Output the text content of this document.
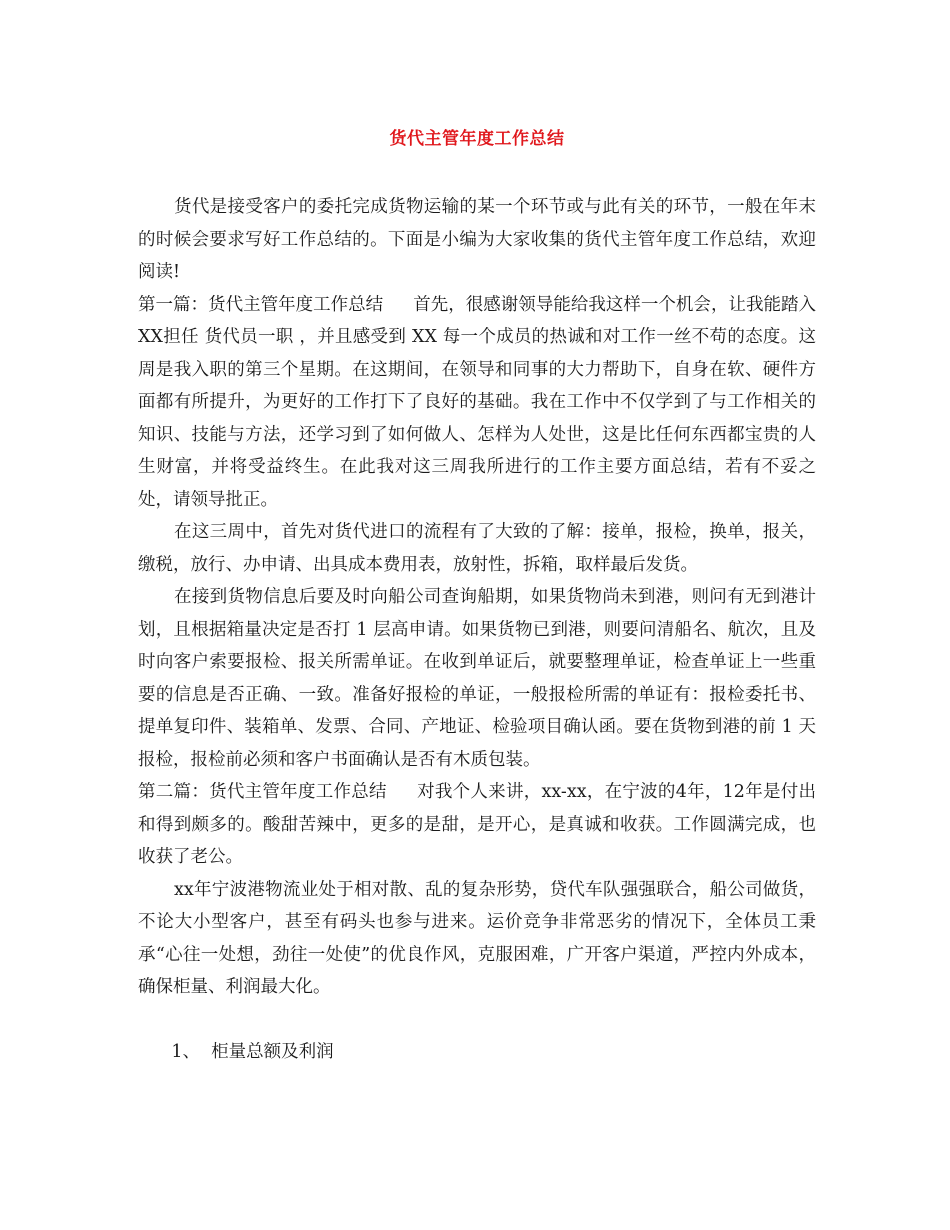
货代主管年度工作总结

货代是接受客户的委托完成货物运输的某一个环节或与此有关的环节，一般在年末的时候会要求写好工作总结的。下面是小编为大家收集的货代主管年度工作总结，欢迎阅读!

第一篇：货代主管年度工作总结 首先，很感谢领导能给我这样一个机会，让我能踏入 XX担任 货代员一职 ，并且感受到 XX 每一个成员的热诚和对工作一丝不苟的态度。这周是我入职的第三个星期。在这期间，在领导和同事的大力帮助下，自身在软、硬件方面都有所提升，为更好的工作打下了良好的基础。我在工作中不仅学到了与工作相关的知识、技能与方法，还学习到了如何做人、怎样为人处世，这是比任何东西都宝贵的人生财富，并将受益终生。在此我对这三周我所进行的工作主要方面总结，若有不妥之处，请领导批正。

在这三周中，首先对货代进口的流程有了大致的了解：接单，报检，换单，报关，缴税，放行、办申请、出具成本费用表，放射性，拆箱，取样最后发货。

在接到货物信息后要及时向船公司查询船期，如果货物尚未到港，则问有无到港计划，且根据箱量决定是否打 1 层高申请。如果货物已到港，则要问清船名、航次，且及时向客户索要报检、报关所需单证。在收到单证后，就要整理单证，检查单证上一些重要的信息是否正确、一致。准备好报检的单证，一般报检所需的单证有：报检委托书、提单复印件、装箱单、发票、合同、产地证、检验项目确认函。要在货物到港的前 1 天报检，报检前必须和客户书面确认是否有木质包装。

第二篇：货代主管年度工作总结 对我个人来讲，xx-xx，在宁波的4年，12年是付出和得到颇多的。酸甜苦辣中，更多的是甜，是开心，是真诚和收获。工作圆满完成，也收获了老公。

xx年宁波港物流业处于相对散、乱的复杂形势，贷代车队强强联合，船公司做货，不论大小型客户，甚至有码头也参与进来。运价竞争非常恶劣的情况下，全体员工秉承“心往一处想，劲往一处使”的优良作风，克服困难，广开客户渠道，严控内外成本，确保柜量、利润最大化。

1、  柜量总额及利润
